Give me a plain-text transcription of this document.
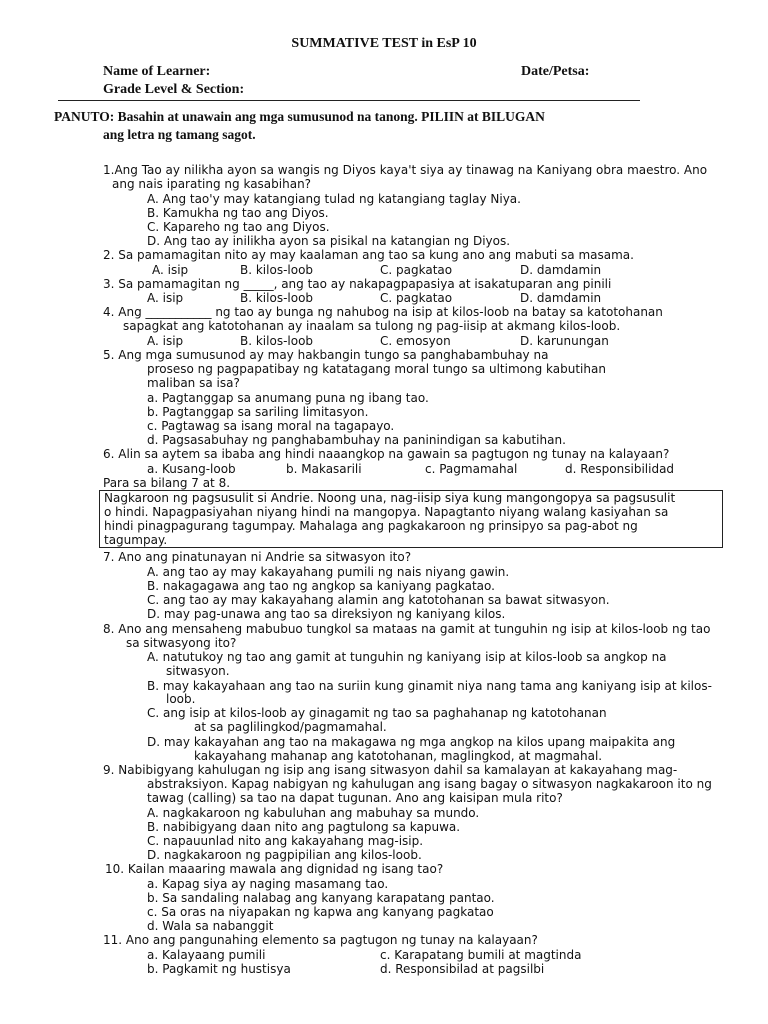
SUMMATIVE TEST in EsP 10
Name of Learner:	Date/Petsa:
Grade Level & Section:
PANUTO: Basahin at unawain ang mga sumusunod na tanong. PILIIN at BILUGAN
ang letra ng tamang sagot.
1.Ang Tao ay nilikha ayon sa wangis ng Diyos kaya't siya ay tinawag na Kaniyang obra maestro. Ano
ang nais iparating ng kasabihan?
A. Ang tao'y may katangiang tulad ng katangiang taglay Niya.
B. Kamukha ng tao ang Diyos.
C. Kapareho ng tao ang Diyos.
D. Ang tao ay inilikha ayon sa pisikal na katangian ng Diyos.
2. Sa pamamagitan nito ay may kaalaman ang tao sa kung ano ang mabuti sa masama.
A. isip	B. kilos-loob	C. pagkatao	D. damdamin
3. Sa pamamagitan ng _____, ang tao ay nakapagpapasiya at isakatuparan ang pinili
A. isip	B. kilos-loob	C. pagkatao	D. damdamin
4. Ang ___________ ng tao ay bunga ng nahubog na isip at kilos-loob na batay sa katotohanan
sapagkat ang katotohanan ay inaalam sa tulong ng pag-iisip at akmang kilos-loob.
A. isip	B. kilos-loob	C. emosyon	D. karunungan
5. Ang mga sumusunod ay may hakbangin tungo sa panghabambuhay na
proseso ng pagpapatibay ng katatagang moral tungo sa ultimong kabutihan
maliban sa isa?
a. Pagtanggap sa anumang puna ng ibang tao.
b. Pagtanggap sa sariling limitasyon.
c. Pagtawag sa isang moral na tagapayo.
d. Pagsasabuhay ng panghabambuhay na paninindigan sa kabutihan.
6. Alin sa aytem sa ibaba ang hindi naaangkop na gawain sa pagtugon ng tunay na kalayaan?
a. Kusang-loob	b. Makasarili	c. Pagmamahal	d. Responsibilidad
Para sa bilang 7 at 8.
Nagkaroon ng pagsusulit si Andrie. Noong una, nag-iisip siya kung mangongopya sa pagsusulit
o hindi. Napagpasiyahan niyang hindi na mangopya. Napagtanto niyang walang kasiyahan sa
hindi pinagpagurang tagumpay. Mahalaga ang pagkakaroon ng prinsipyo sa pag-abot ng
tagumpay.
7. Ano ang pinatunayan ni Andrie sa sitwasyon ito?
A. ang tao ay may kakayahang pumili ng nais niyang gawin.
B. nakagagawa ang tao ng angkop sa kaniyang pagkatao.
C. ang tao ay may kakayahang alamin ang katotohanan sa bawat sitwasyon.
D. may pag-unawa ang tao sa direksiyon ng kaniyang kilos.
8. Ano ang mensaheng mabubuo tungkol sa mataas na gamit at tunguhin ng isip at kilos-loob ng tao
sa sitwasyong ito?
A. natutukoy ng tao ang gamit at tunguhin ng kaniyang isip at kilos-loob sa angkop na
sitwasyon.
B. may kakayahaan ang tao na suriin kung ginamit niya nang tama ang kaniyang isip at kilos-
loob.
C. ang isip at kilos-loob ay ginagamit ng tao sa paghahanap ng katotohanan
at sa paglilingkod/pagmamahal.
D. may kakayahan ang tao na makagawa ng mga angkop na kilos upang maipakita ang
kakayahang mahanap ang katotohanan, maglingkod, at magmahal.
9. Nabibigyang kahulugan ng isip ang isang sitwasyon dahil sa kamalayan at kakayahang mag-
abstraksiyon. Kapag nabigyan ng kahulugan ang isang bagay o sitwasyon nagkakaroon ito ng
tawag (calling) sa tao na dapat tugunan. Ano ang kaisipan mula rito?
A. nagkakaroon ng kabuluhan ang mabuhay sa mundo.
B. nabibigyang daan nito ang pagtulong sa kapuwa.
C. napauunlad nito ang kakayahang mag-isip.
D. nagkakaroon ng pagpipilian ang kilos-loob.
10. Kailan maaaring mawala ang dignidad ng isang tao?
a. Kapag siya ay naging masamang tao.
b. Sa sandaling nalabag ang kanyang karapatang pantao.
c. Sa oras na niyapakan ng kapwa ang kanyang pagkatao
d. Wala sa nabanggit
11. Ano ang pangunahing elemento sa pagtugon ng tunay na kalayaan?
a. Kalayaang pumili	c. Karapatang bumili at magtinda
b. Pagkamit ng hustisya	d. Responsibilad at pagsilbi
